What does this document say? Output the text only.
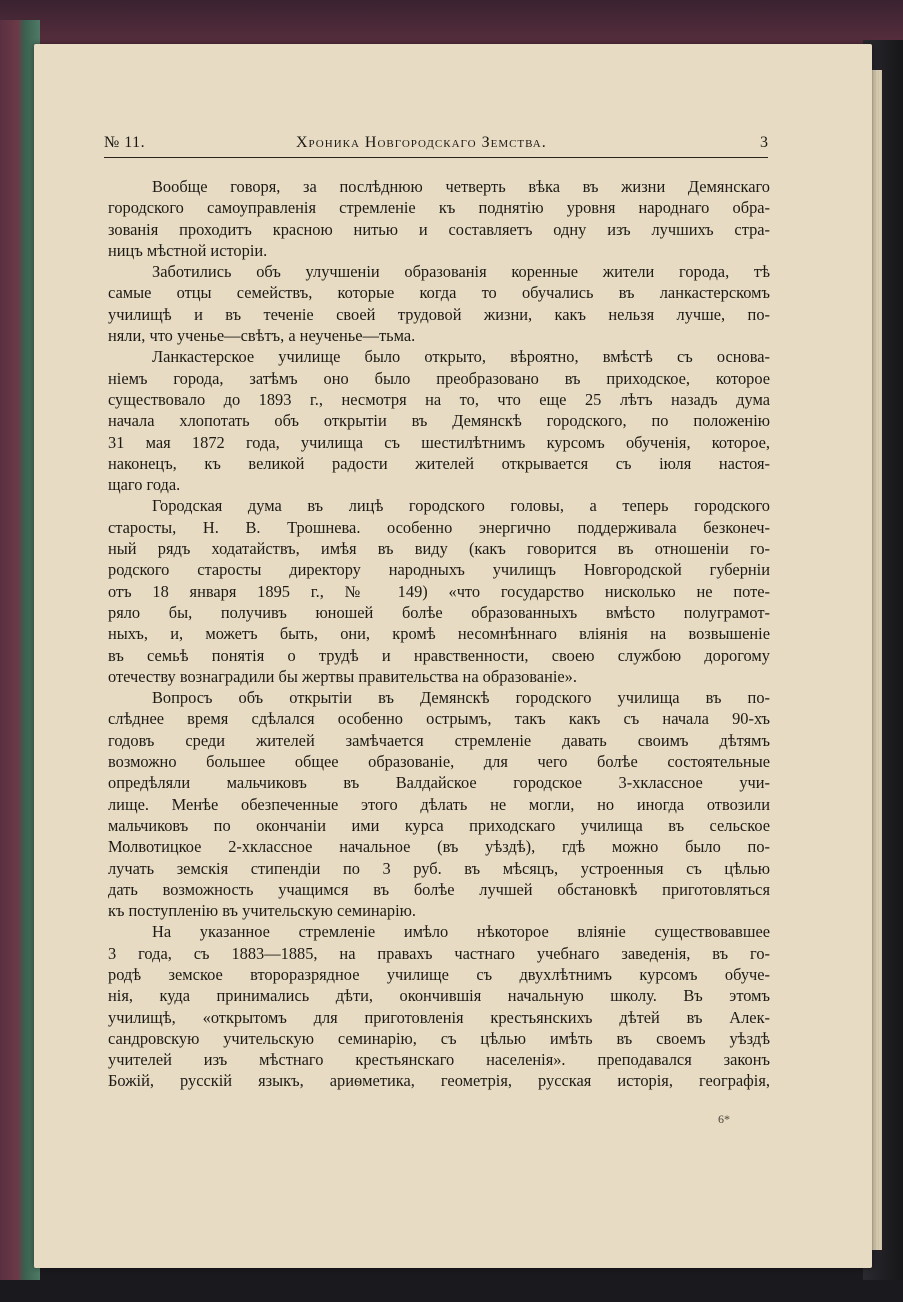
№ 11.	Хроника Новгородскаго Земства.	3
Вообще говоря, за послѣднюю четверть вѣка въ жизни Демянскаго
городского самоуправленія стремленіе къ поднятію уровня народнаго обра-
зованія проходитъ красною нитью и составляетъ одну изъ лучшихъ стра-
ницъ мѣстной исторіи.
Заботились объ улучшеніи образованія коренные жители города, тѣ
самые отцы семействъ, которые когда то обучались въ ланкастерскомъ
училищѣ и въ теченіе своей трудовой жизни, какъ нельзя лучше, по-
няли, что ученье—свѣтъ, а неученье—тьма.
Ланкастерское училище было открыто, вѣроятно, вмѣстѣ съ основа-
ніемъ города, затѣмъ оно было преобразовано въ приходское, которое
существовало до 1893 г., несмотря на то, что еще 25 лѣтъ назадъ дума
начала хлопотать объ открытіи въ Демянскѣ городского, по положенію
31 мая 1872 года, училища съ шестилѣтнимъ курсомъ обученія, которое,
наконецъ, къ великой радости жителей открывается съ іюля настоя-
щаго года.
Городская дума въ лицѣ городского головы, а теперь городского
старосты, Н. В. Трошнева. особенно энергично поддерживала безконеч-
ный рядъ ходатайствъ, имѣя въ виду (какъ говорится въ отношеніи го-
родского старосты директору народныхъ училищъ Новгородской губерніи
отъ 18 января 1895 г., № 149) «что государство нисколько не поте-
ряло бы, получивъ юношей болѣе образованныхъ вмѣсто полуграмот-
ныхъ, и, можетъ быть, они, кромѣ несомнѣннаго вліянія на возвышеніе
въ семьѣ понятія о трудѣ и нравственности, своею службою дорогому
отечеству вознаградили бы жертвы правительства на образованіе».
Вопросъ объ открытіи въ Демянскѣ городского училища въ по-
слѣднее время сдѣлался особенно острымъ, такъ какъ съ начала 90-хъ
годовъ среди жителей замѣчается стремленіе давать своимъ дѣтямъ
возможно большее общее образованіе, для чего болѣе состоятельные
опредѣляли мальчиковъ въ Валдайское городское 3-хклассное учи-
лище. Менѣе обезпеченные этого дѣлать не могли, но иногда отвозили
мальчиковъ по окончаніи ими курса приходскаго училища въ сельское
Молвотицкое 2-хклассное начальное (въ уѣздѣ), гдѣ можно было по-
лучать земскія стипендіи по 3 руб. въ мѣсяцъ, устроенныя съ цѣлью
дать возможность учащимся въ болѣе лучшей обстановкѣ приготовляться
къ поступленію въ учительскую семинарію.
На указанное стремленіе имѣло нѣкоторое вліяніе существовавшее
3 года, съ 1883—1885, на правахъ частнаго учебнаго заведенія, въ го-
родѣ земское второразрядное училище съ двухлѣтнимъ курсомъ обуче-
нія, куда принимались дѣти, окончившія начальную школу. Въ этомъ
училищѣ, «открытомъ для приготовленія крестьянскихъ дѣтей въ Алек-
сандровскую учительскую семинарію, съ цѣлью имѣть въ своемъ уѣздѣ
учителей изъ мѣстнаго крестьянскаго населенія». преподавался законъ
Божій, русскій языкъ, ариѳметика, геометрія, русская исторія, географія,
6*
